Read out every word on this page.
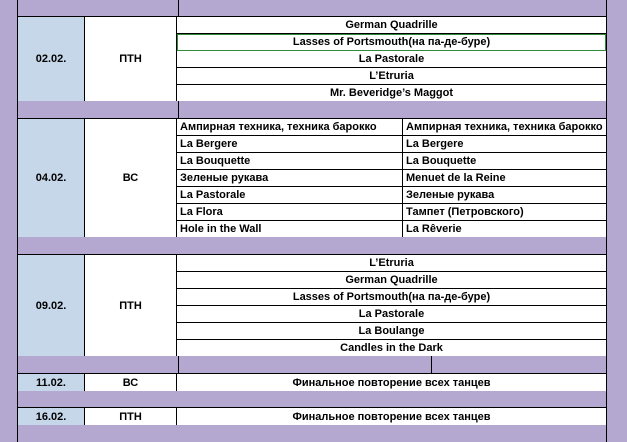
02.02.	ПТН
German Quadrille
Lasses of Portsmouth(на па-де-буре)
La Pastorale
L’Etruria
Mr. Beveridge’s Maggot
04.02.	ВС
Ампирная техника, техника барокко	Ампирная техника, техника барокко
La Bergere	La Bergere
La Bouquette	La Bouquette
Зеленые рукава	Menuet de la Reine
La Pastorale	Зеленые рукава
La Flora	Тампет (Петровского)
Hole in the Wall	La Rêverie
09.02.	ПТН
L’Etruria
German Quadrille
Lasses of Portsmouth(на па-де-буре)
La Pastorale
La Boulange
Candles in the Dark
11.02.	ВС	Финальное повторение всех танцев
16.02.	ПТН	Финальное повторение всех танцев
